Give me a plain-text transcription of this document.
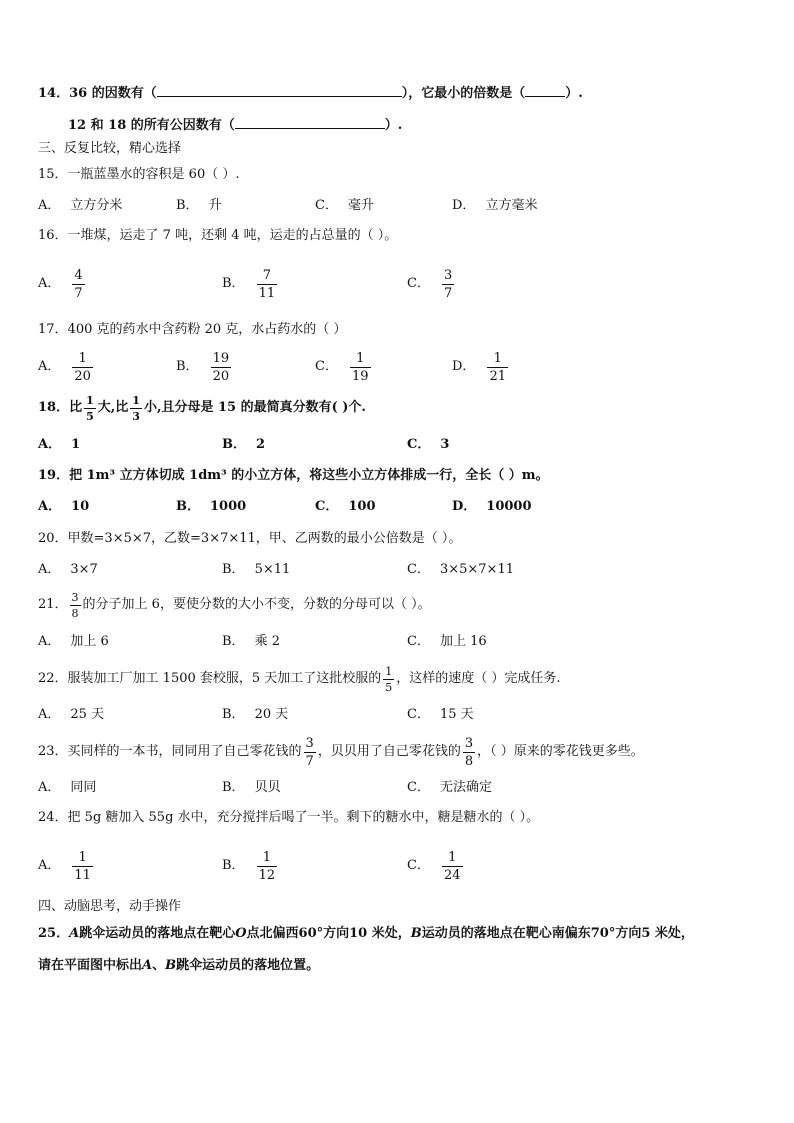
14．36 的因数有（	），它最小的倍数是（	）.
12 和 18 的所有公因数有（	）.
三、反复比较，精心选择
15．一瓶蓝墨水的容积是 60（ ）.
A． 立方分米	B． 升	C． 毫升	D． 立方毫米
16．一堆煤，运走了 7 吨，还剩 4 吨，运走的占总量的（ ）。
A． $\frac{4}{7}$	B． $\frac{7}{11}$	C． $\frac{3}{7}$
17．400 克的药水中含药粉 20 克，水占药水的（ ）
A． $\frac{1}{20}$	B． $\frac{19}{20}$	C． $\frac{1}{19}$	D． $\frac{1}{21}$
18．比 $\frac{1}{5}$ 大,比 $\frac{1}{3}$ 小,且分母是 15 的最简真分数有( )个.
A． 1	B． 2	C． 3
19．把 1m³ 立方体切成 1dm³ 的小立方体，将这些小立方体排成一行，全长（ ）m。
A． 10	B． 1000	C． 100	D． 10000
20．甲数=3×5×7，乙数=3×7×11，甲、乙两数的最小公倍数是（ ）。
A． 3×7	B． 5×11	C． 3×5×7×11
21． $\frac{3}{8}$ 的分子加上 6，要使分数的大小不变，分数的分母可以（ ）。
A． 加上 6	B． 乘 2	C． 加上 16
22．服装加工厂加工 1500 套校服，5 天加工了这批校服的 $\frac{1}{5}$ ，这样的速度（ ）完成任务.
A． 25 天	B． 20 天	C． 15 天
23．买同样的一本书，同同用了自己零花钱的 $\frac{3}{7}$ ，贝贝用了自己零花钱的 $\frac{3}{8}$ ，（ ）原来的零花钱更多些。
A． 同同	B． 贝贝	C． 无法确定
24．把 5g 糖加入 55g 水中，充分搅拌后喝了一半。剩下的糖水中，糖是糖水的（ ）。
A． $\frac{1}{11}$	B． $\frac{1}{12}$	C． $\frac{1}{24}$
四、动脑思考，动手操作
25．A跳伞运动员的落地点在靶心O点北偏西60°方向10 米处，B运动员的落地点在靶心南偏东70°方向5 米处，
请在平面图中标出A、B跳伞运动员的落地位置。
